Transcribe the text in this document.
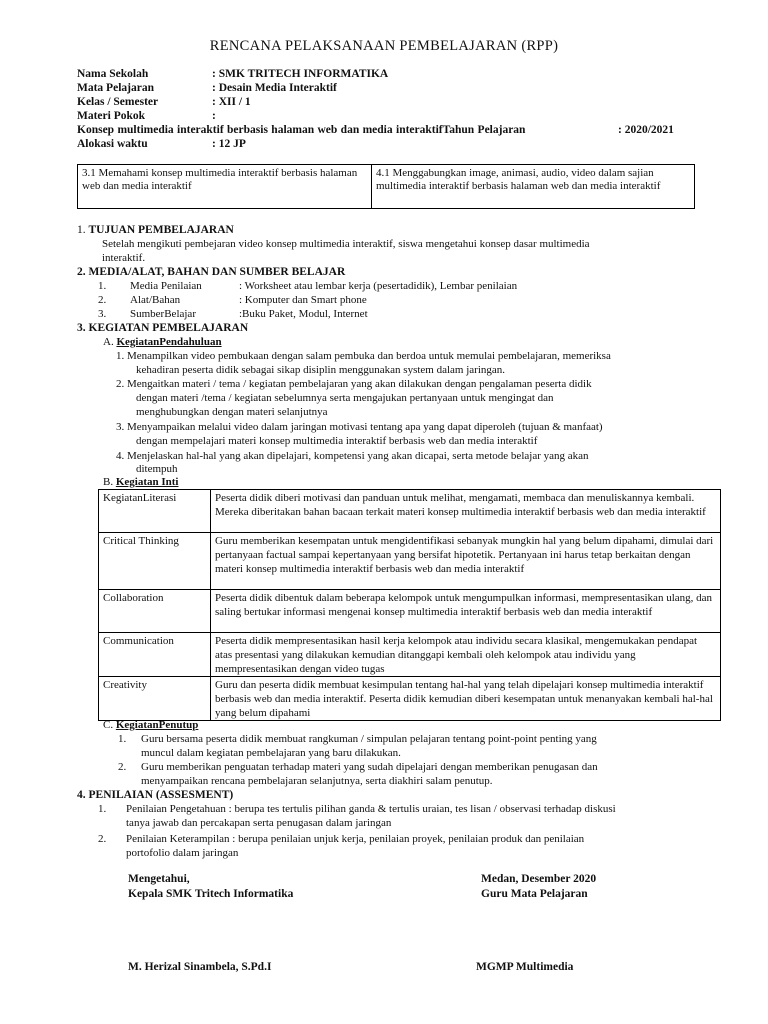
RENCANA PELAKSANAAN PEMBELAJARAN (RPP)
Nama Sekolah	: SMK TRITECH INFORMATIKA
Mata Pelajaran	: Desain Media Interaktif
Kelas / Semester	: XII / 1
Materi Pokok	:
Konsep multimedia interaktif berbasis halaman web dan media interaktifTahun Pelajaran	: 2020/2021
Alokasi waktu	: 12 JP
3.1 Memahami konsep multimedia interaktif berbasis halaman web dan media interaktif	4.1 Menggabungkan image, animasi, audio, video dalam sajian multimedia interaktif berbasis halaman web dan media interaktif
1. TUJUAN PEMBELAJARAN
Setelah mengikuti pembejaran video konsep multimedia interaktif, siswa mengetahui konsep dasar multimedia
interaktif.
2. MEDIA/ALAT, BAHAN DAN SUMBER BELAJAR
1. Media Penilaian	: Worksheet atau lembar kerja (pesertadidik), Lembar penilaian
2. Alat/Bahan	: Komputer dan Smart phone
3. SumberBelajar	:Buku Paket, Modul, Internet
3. KEGIATAN PEMBELAJARAN
A. KegiatanPendahuluan
1. Menampilkan video pembukaan dengan salam pembuka dan berdoa untuk memulai pembelajaran, memeriksa
kehadiran peserta didik sebagai sikap disiplin menggunakan system dalam jaringan.
2. Mengaitkan materi / tema / kegiatan pembelajaran yang akan dilakukan dengan pengalaman peserta didik
dengan materi /tema / kegiatan sebelumnya serta mengajukan pertanyaan untuk mengingat dan
menghubungkan dengan materi selanjutnya
3. Menyampaikan melalui video dalam jaringan motivasi tentang apa yang dapat diperoleh (tujuan & manfaat)
dengan mempelajari materi konsep multimedia interaktif berbasis web dan media interaktif
4. Menjelaskan hal-hal yang akan dipelajari, kompetensi yang akan dicapai, serta metode belajar yang akan
ditempuh
B. Kegiatan Inti
KegiatanLiterasi	Peserta didik diberi motivasi dan panduan untuk melihat, mengamati, membaca dan menuliskannya kembali. Mereka diberitakan bahan bacaan terkait materi konsep multimedia interaktif berbasis web dan media interaktif
Critical Thinking	Guru memberikan kesempatan untuk mengidentifikasi sebanyak mungkin hal yang belum dipahami, dimulai dari pertanyaan factual sampai kepertanyaan yang bersifat hipotetik. Pertanyaan ini harus tetap berkaitan dengan materi konsep multimedia interaktif berbasis web dan media interaktif
Collaboration	Peserta didik dibentuk dalam beberapa kelompok untuk mengumpulkan informasi, mempresentasikan ulang, dan saling bertukar informasi mengenai konsep multimedia interaktif berbasis web dan media interaktif
Communication	Peserta didik mempresentasikan hasil kerja kelompok atau individu secara klasikal, mengemukakan pendapat atas presentasi yang dilakukan kemudian ditanggapi kembali oleh kelompok atau individu yang mempresentasikan dengan video tugas
Creativity	Guru dan peserta didik membuat kesimpulan tentang hal-hal yang telah dipelajari konsep multimedia interaktif berbasis web dan media interaktif. Peserta didik kemudian diberi kesempatan untuk menanyakan kembali hal-hal yang belum dipahami
C. KegiatanPenutup
1. Guru bersama peserta didik membuat rangkuman / simpulan pelajaran tentang point-point penting yang
muncul dalam kegiatan pembelajaran yang baru dilakukan.
2. Guru memberikan penguatan terhadap materi yang sudah dipelajari dengan memberikan penugasan dan
menyampaikan rencana pembelajaran selanjutnya, serta diakhiri salam penutup.
4. PENILAIAN (ASSESMENT)
1. Penilaian Pengetahuan : berupa tes tertulis pilihan ganda & tertulis uraian, tes lisan / observasi terhadap diskusi
tanya jawab dan percakapan serta penugasan dalam jaringan
2. Penilaian Keterampilan : berupa penilaian unjuk kerja, penilaian proyek, penilaian produk dan penilaian
portofolio dalam jaringan
Mengetahui,
Kepala SMK Tritech Informatika
M. Herizal Sinambela, S.Pd.I
Medan, Desember 2020
Guru Mata Pelajaran
MGMP Multimedia
